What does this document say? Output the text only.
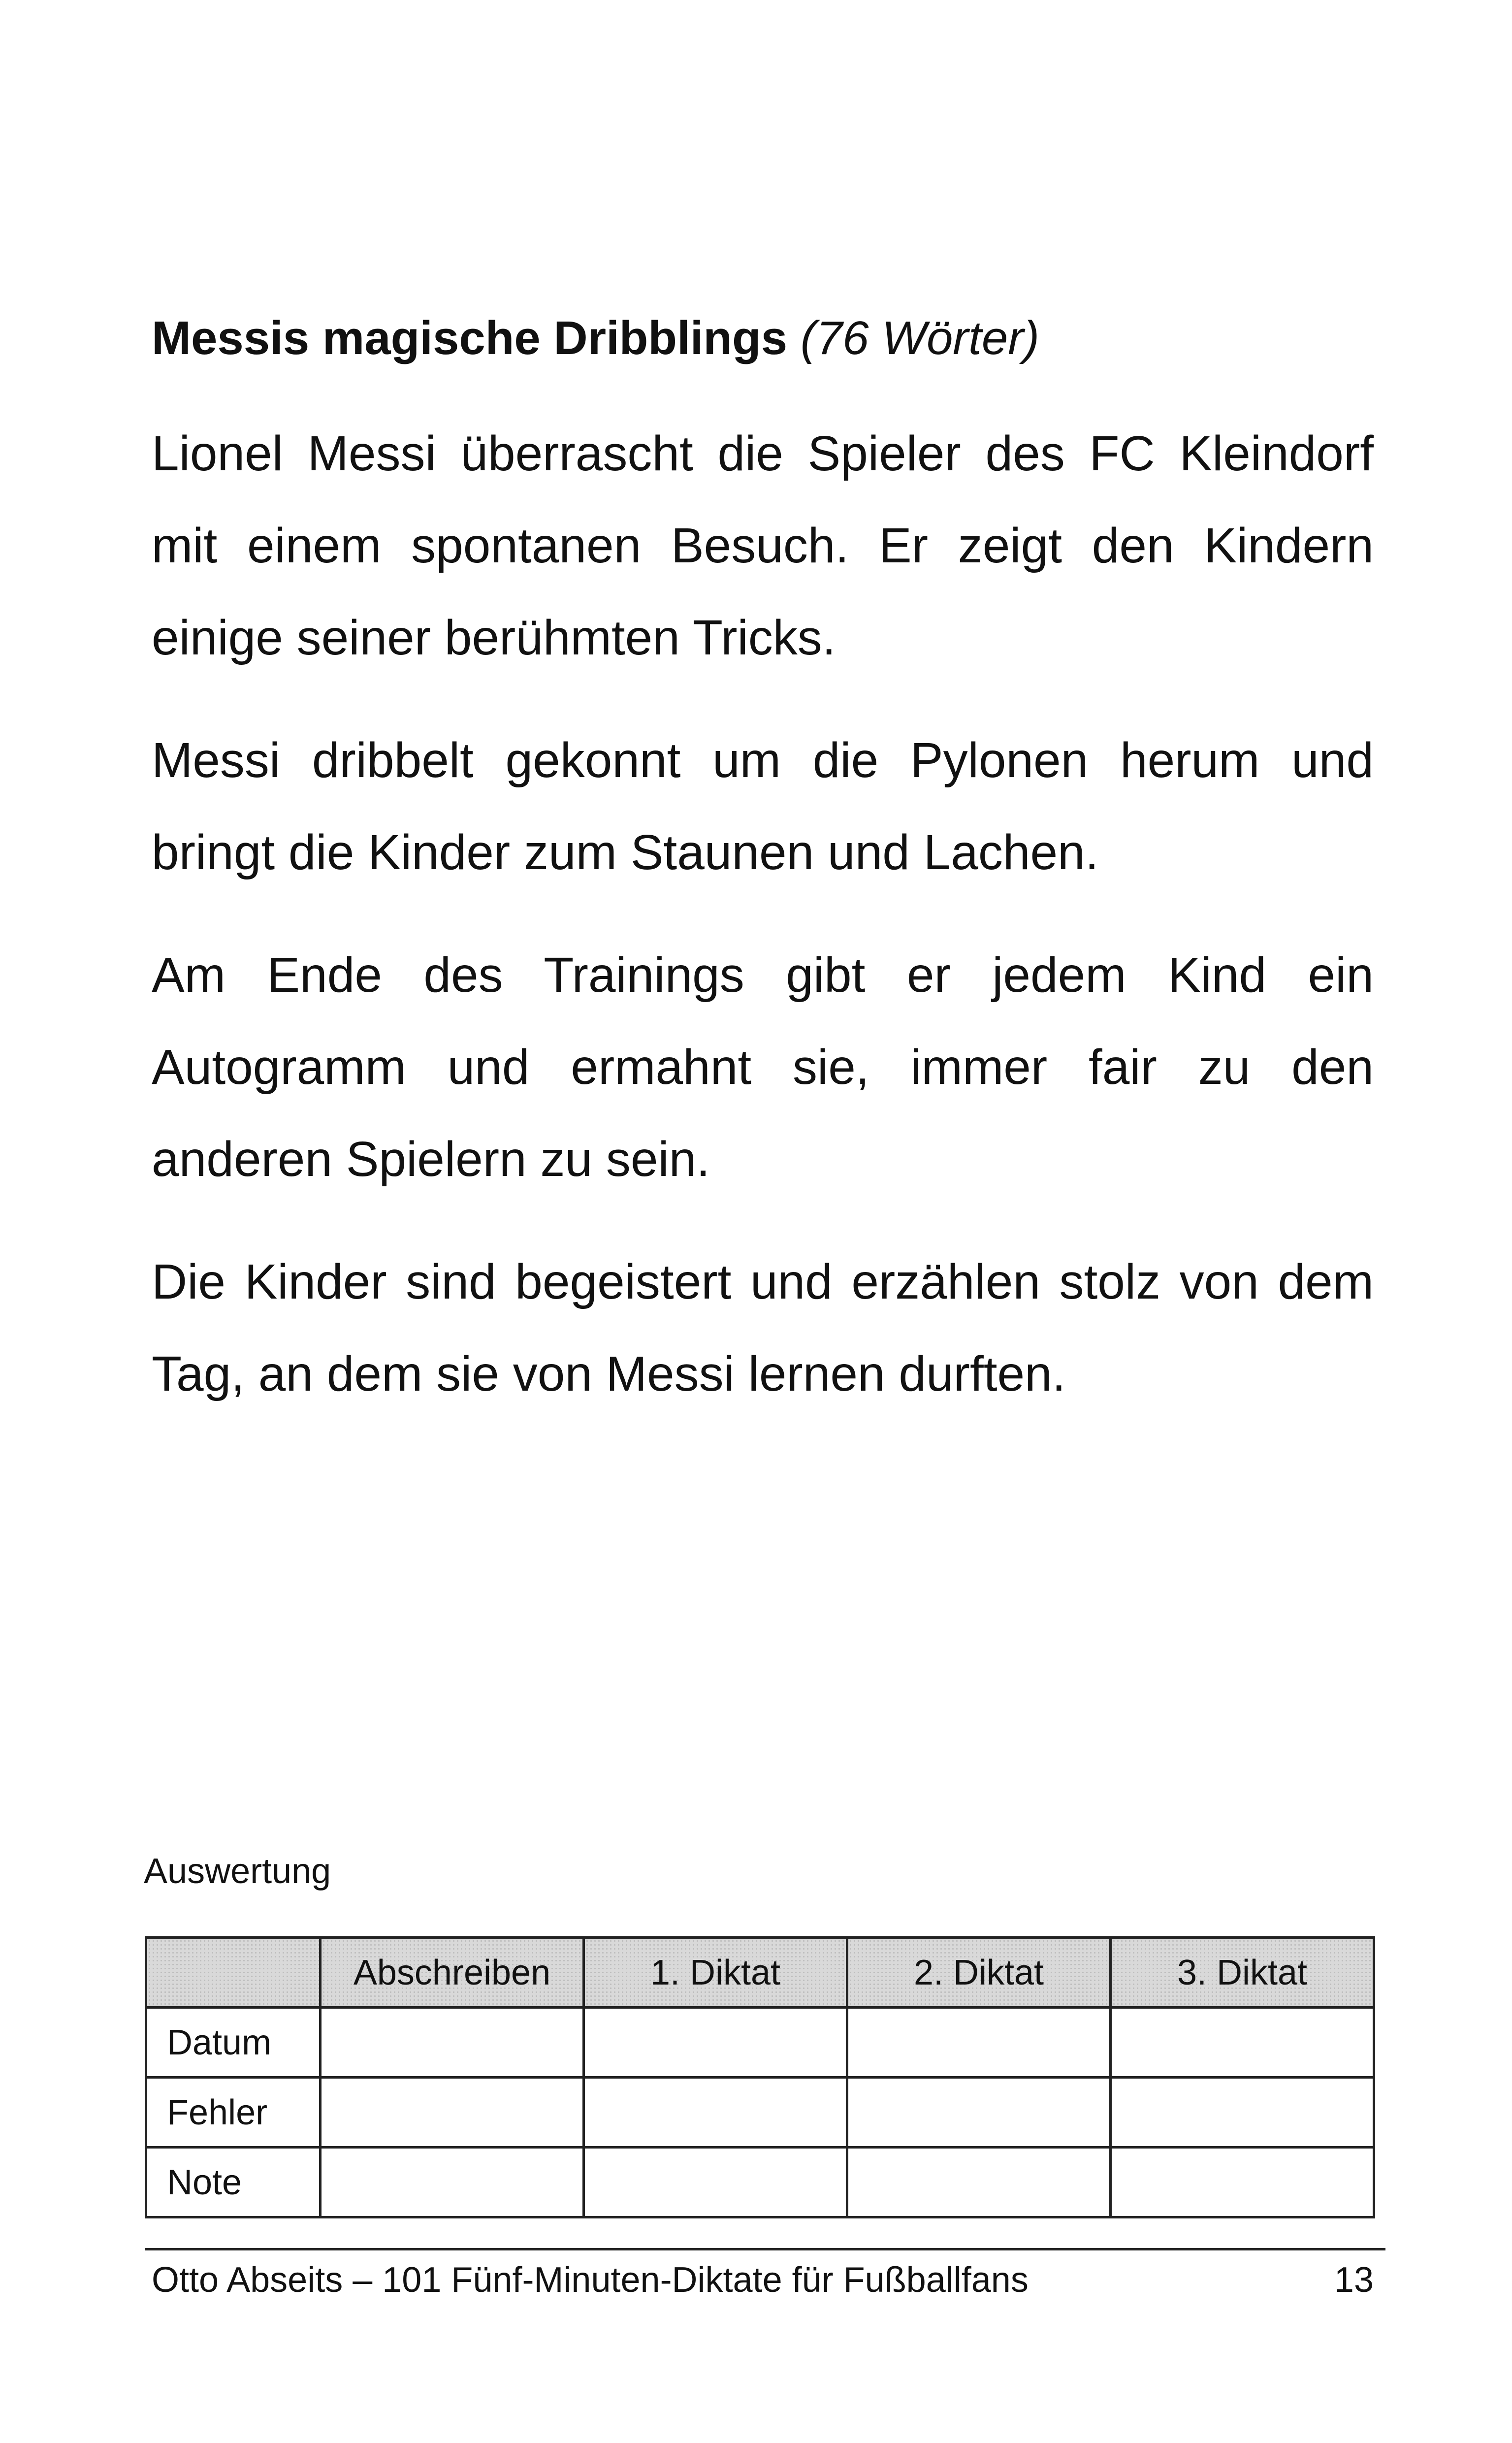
Messis magische Dribblings (76 Wörter)

Lionel Messi überrascht die Spieler des FC Kleindorf mit einem spontanen Besuch. Er zeigt den Kindern einige seiner berühmten Tricks.

Messi dribbelt gekonnt um die Pylonen herum und bringt die Kinder zum Staunen und Lachen.

Am Ende des Trainings gibt er jedem Kind ein Autogramm und ermahnt sie, immer fair zu den anderen Spielern zu sein.

Die Kinder sind begeistert und erzählen stolz von dem Tag, an dem sie von Messi lernen durften.

Auswertung
	Abschreiben	1. Diktat	2. Diktat	3. Diktat
Datum				
Fehler				
Note				
Otto Abseits – 101 Fünf-Minuten-Diktate für Fußballfans	13
